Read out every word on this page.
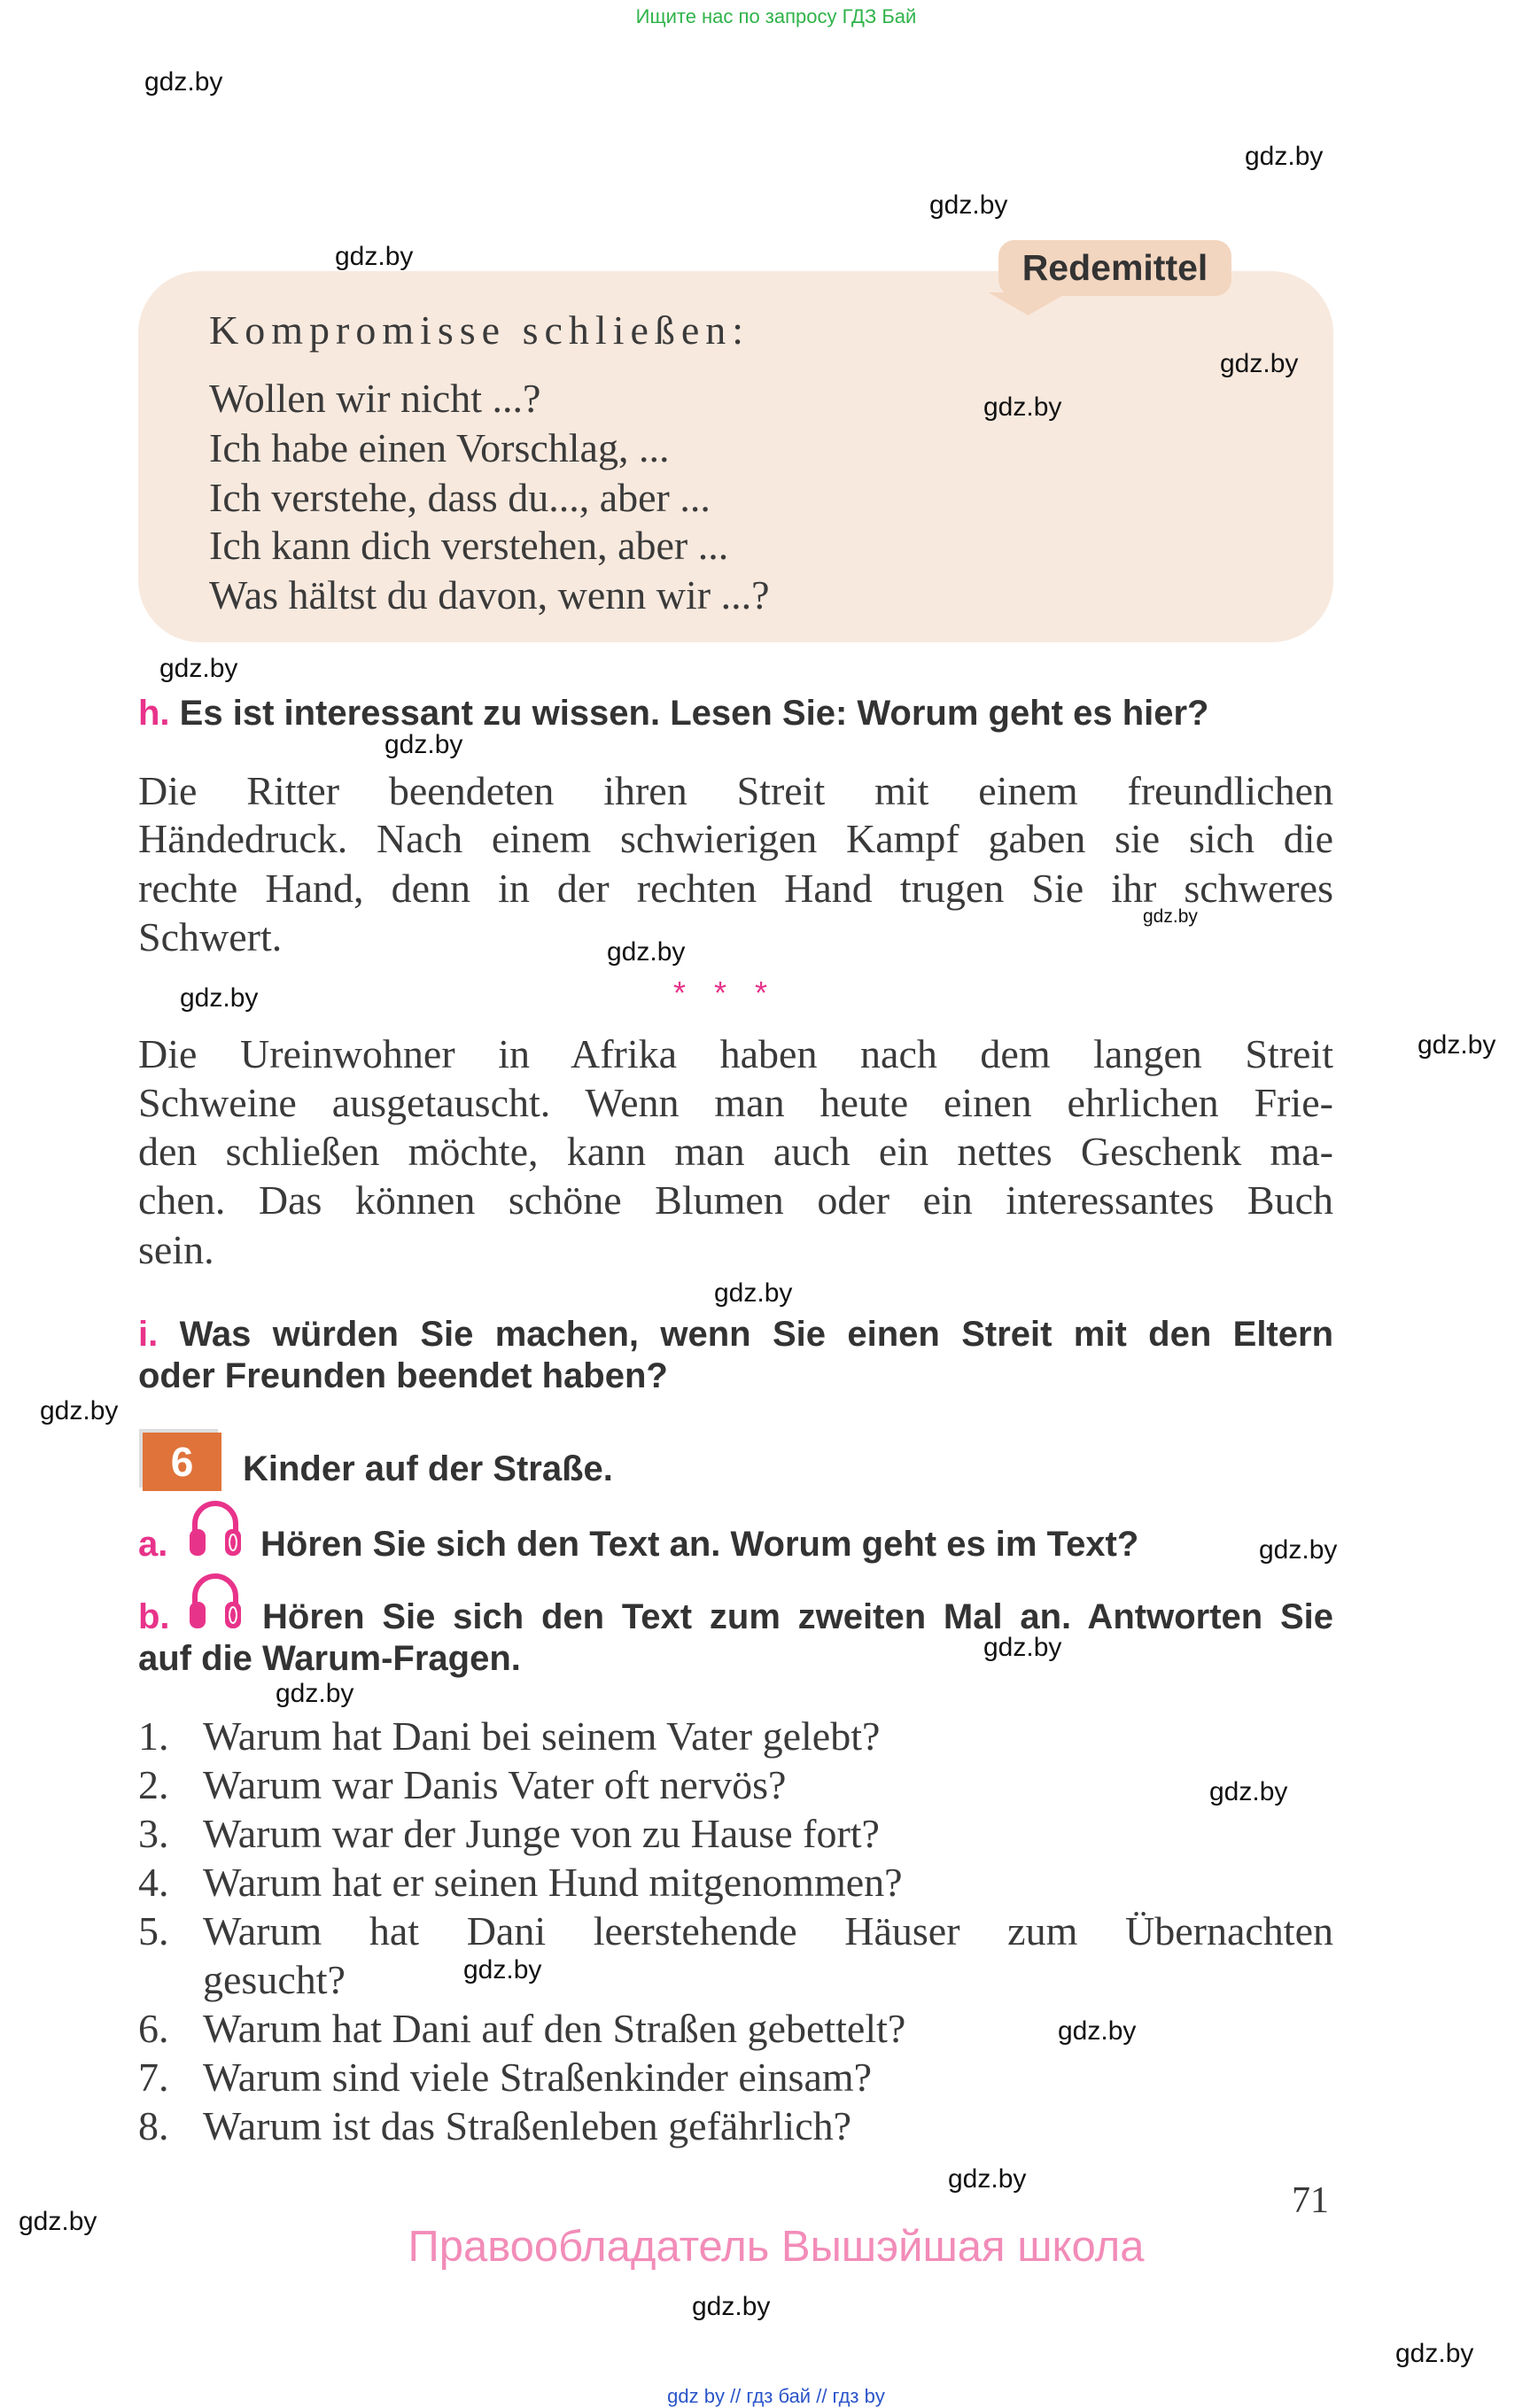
Ищите нас по запросу ГДЗ Бай
gdz.by
gdz.by
gdz.by
gdz.by	Redemittel
Kompromisse schließen:
Wollen wir nicht ...?
Ich habe einen Vorschlag, ...
Ich verstehe, dass du..., aber ...
Ich kann dich verstehen, aber ...
Was hältst du davon, wenn wir ...?
gdz.by
gdz.by
gdz.by
h. Es ist interessant zu wissen. Lesen Sie: Worum geht es hier?
gdz.by
Die Ritter beendeten ihren Streit mit einem freundlichen
Händedruck. Nach einem schwierigen Kampf gaben sie sich die
rechte Hand, denn in der rechten Hand trugen Sie ihr schweres
Schwert.	gdz.by
gdz.by
gdz.by	* * *
gdz.by
Die Ureinwohner in Afrika haben nach dem langen Streit
Schweine ausgetauscht. Wenn man heute einen ehrlichen Frie-
den schließen möchte, kann man auch ein nettes Geschenk ma-
chen. Das können schöne Blumen oder ein interessantes Buch
sein.
gdz.by
i. Was würden Sie machen, wenn Sie einen Streit mit den Eltern
oder Freunden beendet haben?
gdz.by
6	Kinder auf der Straße.
a.	Hören Sie sich den Text an. Worum geht es im Text?	gdz.by
b.	Hören Sie sich den Text zum zweiten Mal an. Antworten Sie
auf die Warum-Fragen.	gdz.by
gdz.by
1. Warum hat Dani bei seinem Vater gelebt?
2. Warum war Danis Vater oft nervös?	gdz.by
3. Warum war der Junge von zu Hause fort?
4. Warum hat er seinen Hund mitgenommen?
5. Warum hat Dani leerstehende Häuser zum Übernachten
gesucht?	gdz.by
6. Warum hat Dani auf den Straßen gebettelt?	gdz.by
7. Warum sind viele Straßenkinder einsam?
8. Warum ist das Straßenleben gefährlich?
gdz.by
71
gdz.by
Правообладатель Вышэйшая школа
gdz.by
gdz.by
gdz by // гдз бай // гдз by
